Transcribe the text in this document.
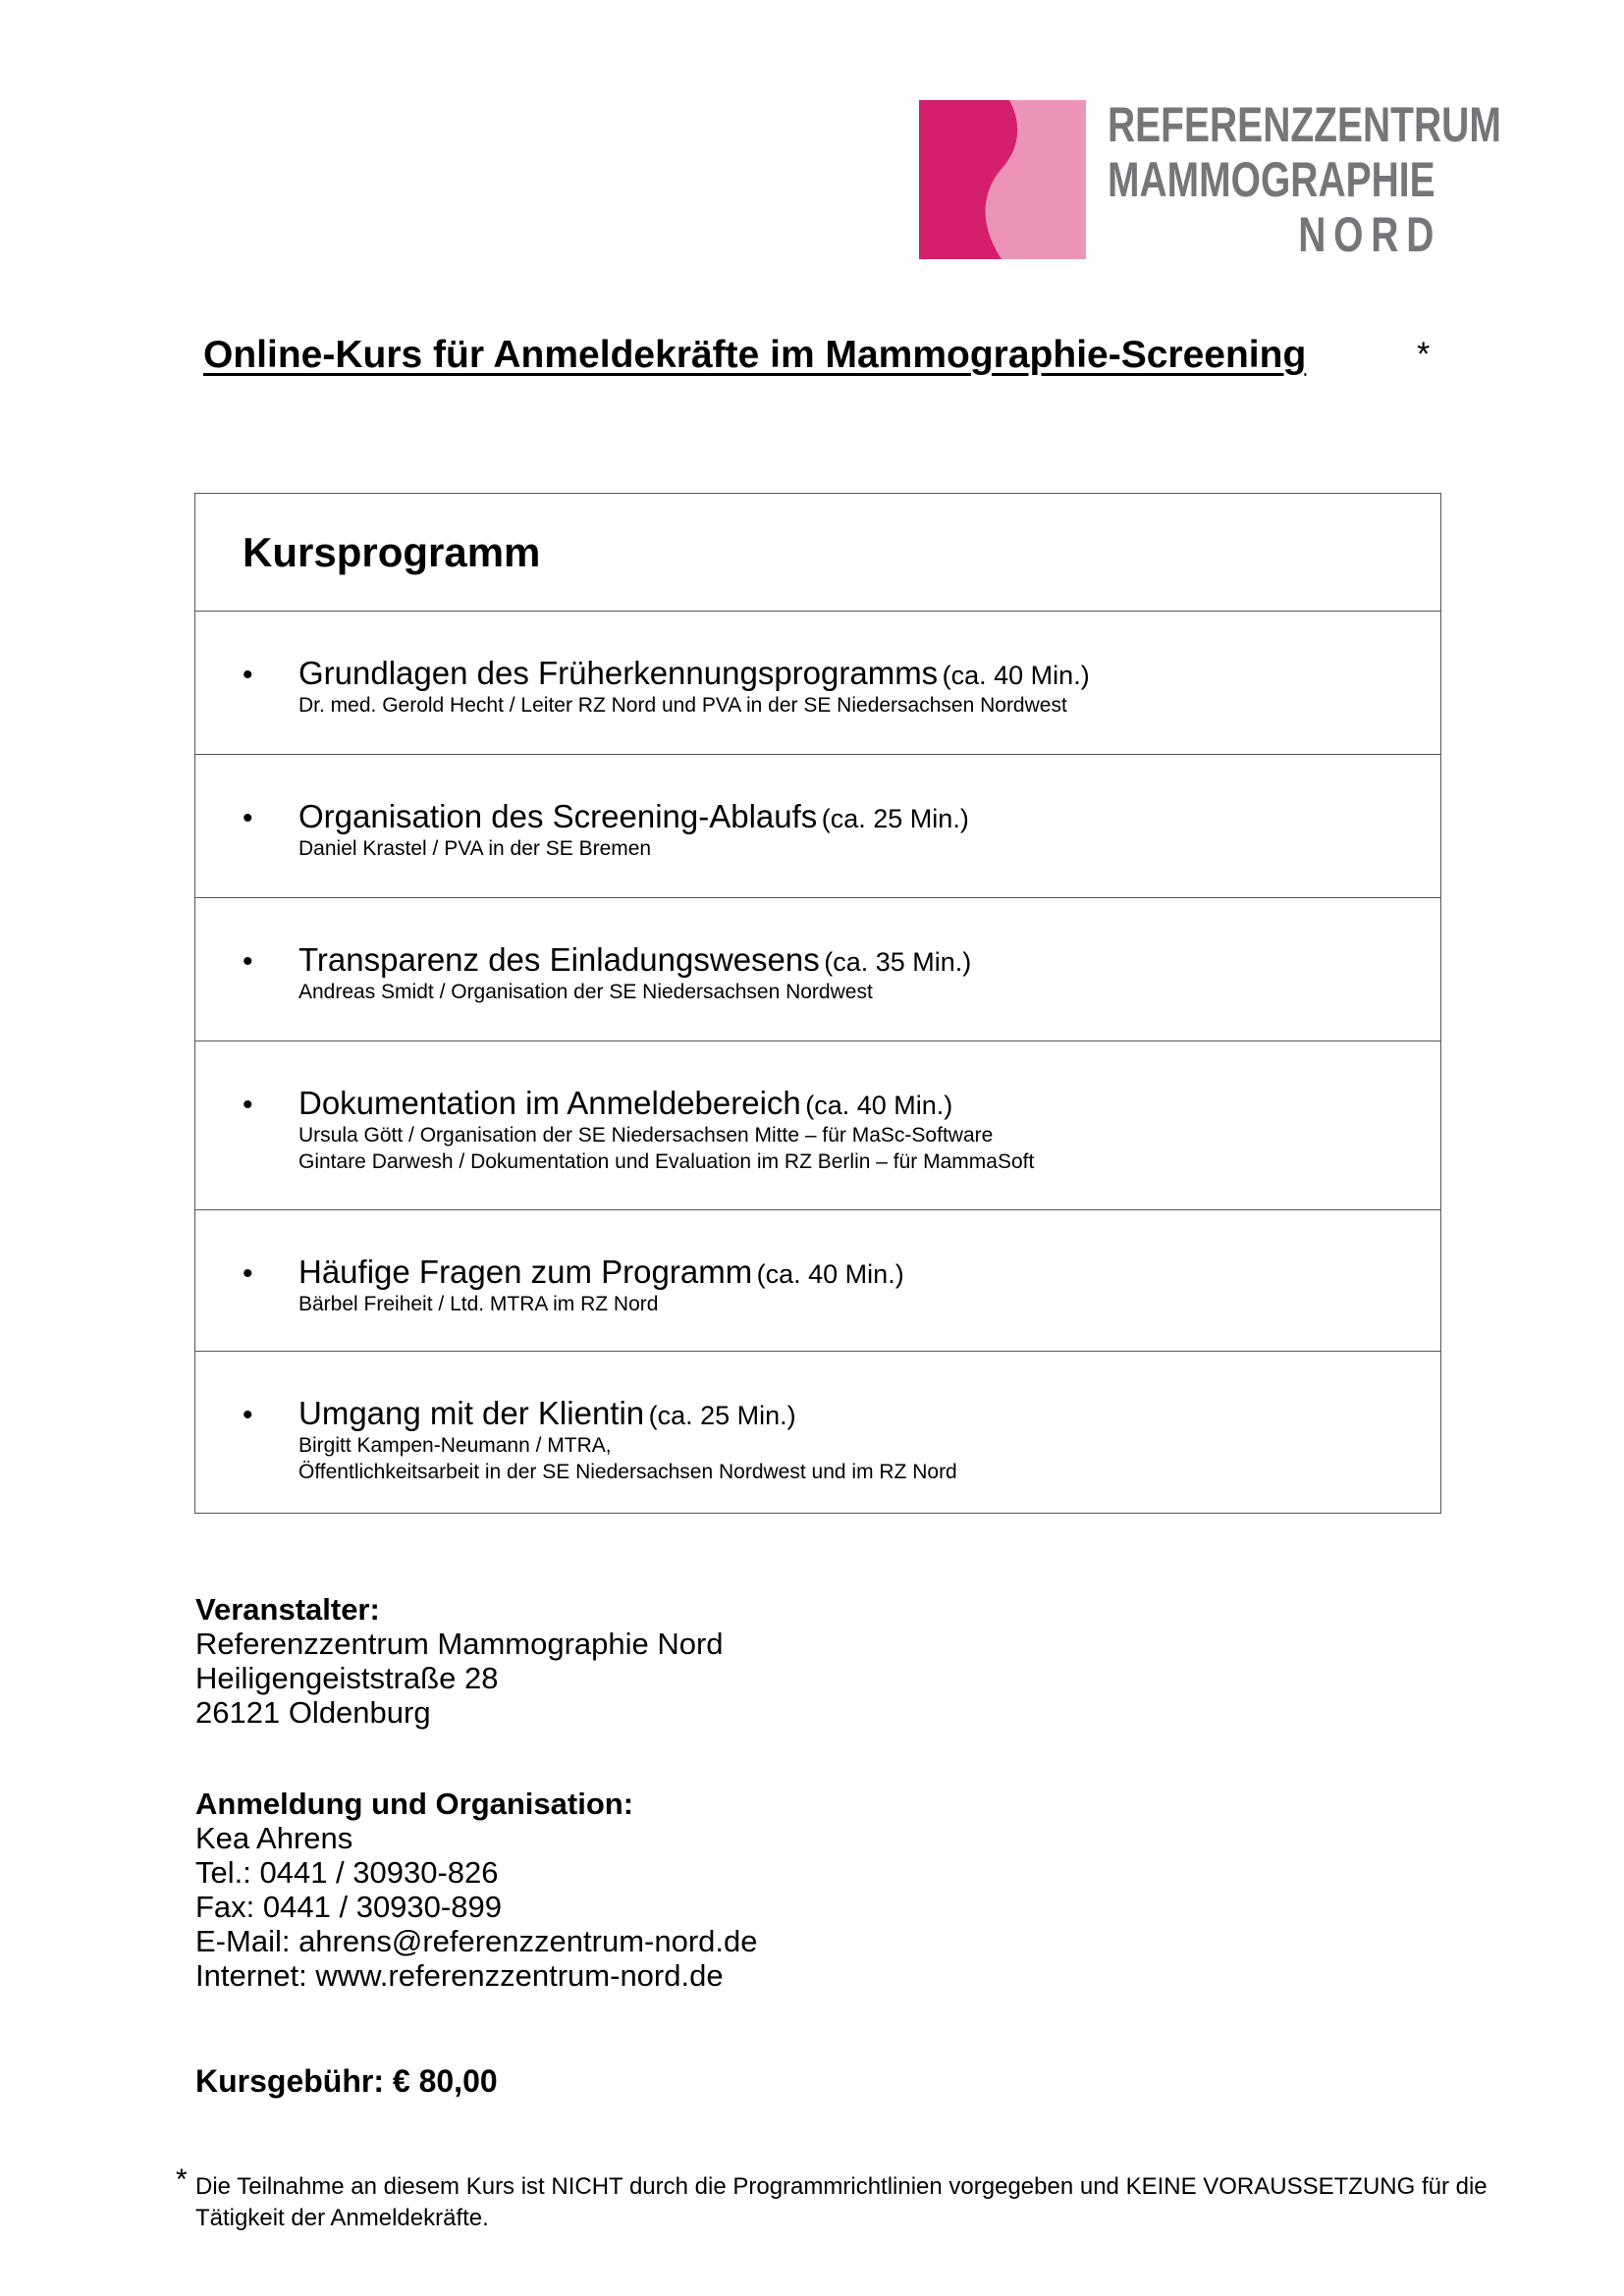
REFERENZZENTRUM
MAMMOGRAPHIE
NORD
Online-Kurs für Anmeldekräfte im Mammographie-Screening	*
Kursprogramm
• Grundlagen des Früherkennungsprogramms (ca. 40 Min.)
Dr. med. Gerold Hecht / Leiter RZ Nord und PVA in der SE Niedersachsen Nordwest
• Organisation des Screening-Ablaufs (ca. 25 Min.)
Daniel Krastel / PVA in der SE Bremen
• Transparenz des Einladungswesens (ca. 35 Min.)
Andreas Smidt / Organisation der SE Niedersachsen Nordwest
• Dokumentation im Anmeldebereich (ca. 40 Min.)
Ursula Gött / Organisation der SE Niedersachsen Mitte – für MaSc-Software
Gintare Darwesh / Dokumentation und Evaluation im RZ Berlin – für MammaSoft
• Häufige Fragen zum Programm (ca. 40 Min.)
Bärbel Freiheit / Ltd. MTRA im RZ Nord
• Umgang mit der Klientin (ca. 25 Min.)
Birgitt Kampen-Neumann / MTRA,
Öffentlichkeitsarbeit in der SE Niedersachsen Nordwest und im RZ Nord
Veranstalter:
Referenzzentrum Mammographie Nord
Heiligengeiststraße 28
26121 Oldenburg
Anmeldung und Organisation:
Kea Ahrens
Tel.: 0441 / 30930-826
Fax: 0441 / 30930-899
E-Mail: ahrens@referenzzentrum-nord.de
Internet: www.referenzzentrum-nord.de
Kursgebühr: € 80,00
* Die Teilnahme an diesem Kurs ist NICHT durch die Programmrichtlinien vorgegeben und KEINE VORAUSSETZUNG für die Tätigkeit der Anmeldekräfte.
